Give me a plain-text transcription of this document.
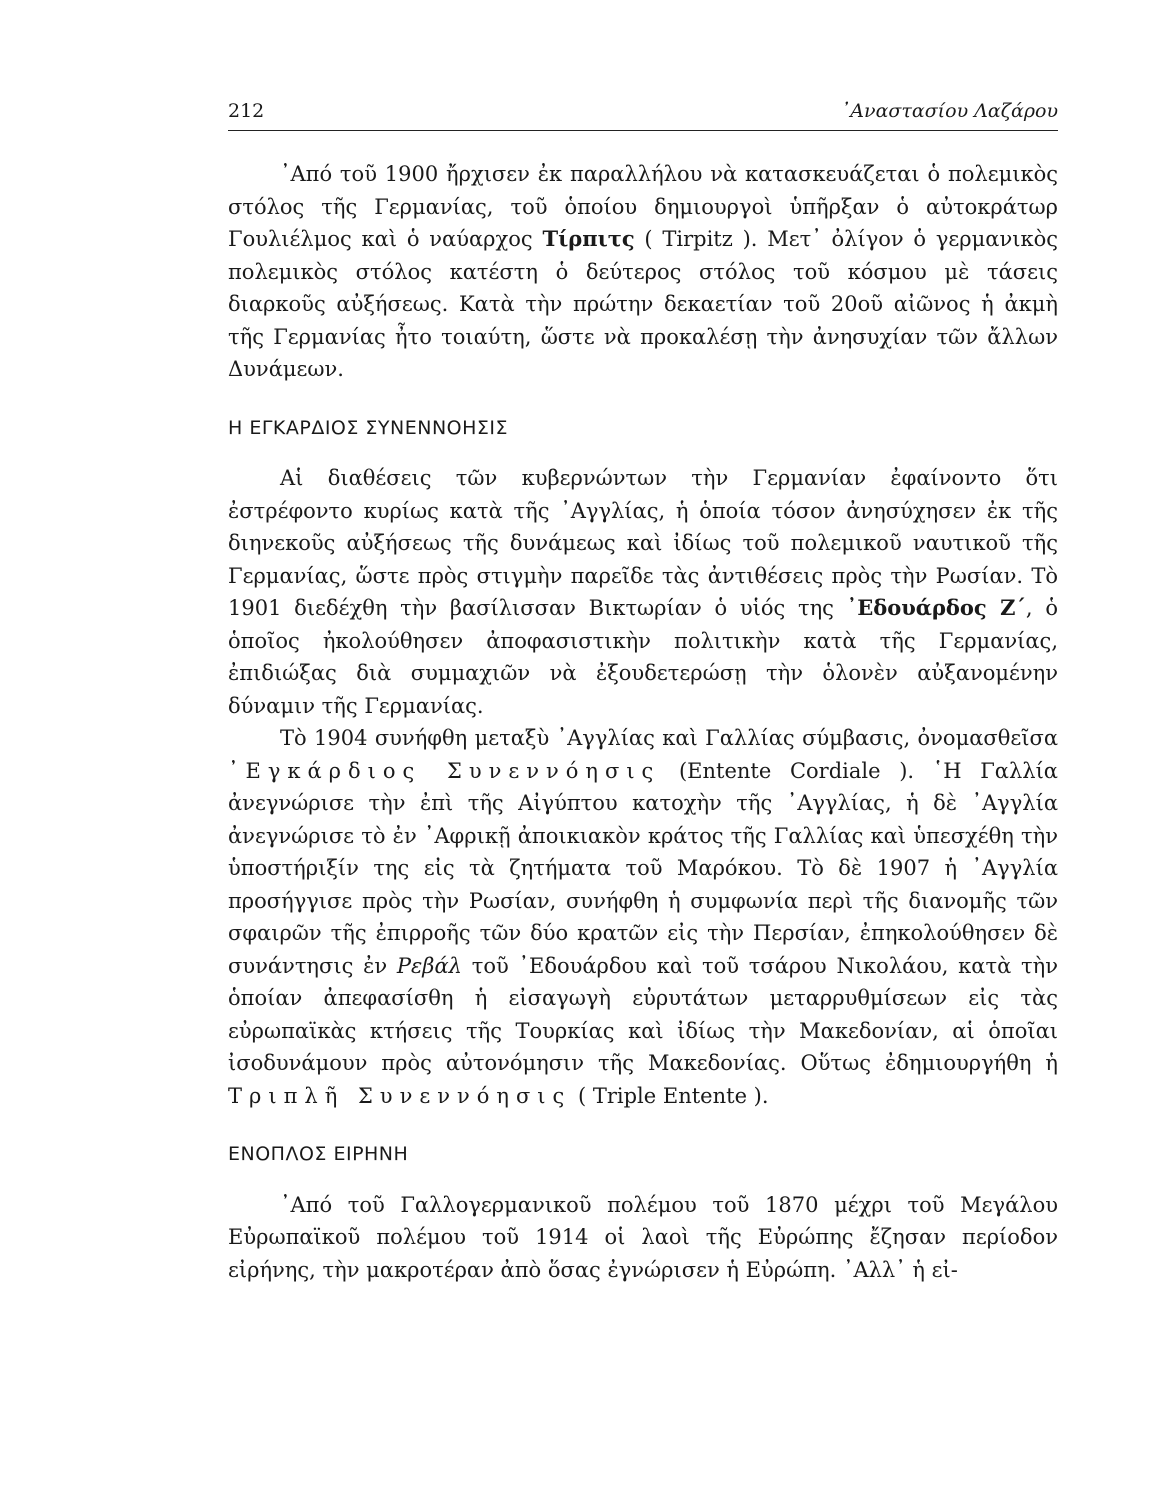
212	᾿Αναστασίου Λαζάρου

᾿Από τοῦ 1900 ἤρχισεν ἐκ παραλλήλου νὰ κατασκευάζεται ὁ πολεμικὸς στόλος τῆς Γερμανίας, τοῦ ὁποίου δημιουργοὶ ὑπῆρξαν ὁ αὐτοκράτωρ Γουλιέλμος καὶ ὁ ναύαρχος Τίρπιτς ( Tirpitz ). Μετ᾿ ὀλίγον ὁ γερμανικὸς πολεμικὸς στόλος κατέστη ὁ δεύτερος στόλος τοῦ κόσμου μὲ τάσεις διαρκοῦς αὐξήσεως. Κατὰ τὴν πρώτην δεκαετίαν τοῦ 20οῦ αἰῶνος ἡ ἀκμὴ τῆς Γερμανίας ἦτο τοιαύτη, ὥστε νὰ προκαλέσῃ τὴν ἀνησυχίαν τῶν ἄλλων Δυνάμεων.

Η ΕΓΚΑΡΔΙΟΣ ΣΥΝΕΝΝΟΗΣΙΣ

Αἱ διαθέσεις τῶν κυβερνώντων τὴν Γερμανίαν ἐφαίνοντο ὅτι ἐστρέφοντο κυρίως κατὰ τῆς ᾿Αγγλίας, ἡ ὁποία τόσον ἀνησύχησεν ἐκ τῆς διηνεκοῦς αὐξήσεως τῆς δυνάμεως καὶ ἰδίως τοῦ πολεμικοῦ ναυτικοῦ τῆς Γερμανίας, ὥστε πρὸς στιγμὴν παρεῖδε τὰς ἀντιθέσεις πρὸς τὴν Ρωσίαν. Τὸ 1901 διεδέχθη τὴν βασίλισσαν Βικτωρίαν ὁ υἱός της ᾿Εδουάρδος Ζ΄, ὁ ὁποῖος ἠκολούθησεν ἀποφασιστικὴν πολιτικὴν κατὰ τῆς Γερμανίας, ἐπιδιώξας διὰ συμμαχιῶν νὰ ἐξουδετερώσῃ τὴν ὁλονὲν αὐξανομένην δύναμιν τῆς Γερμανίας.

Τὸ 1904 συνήφθη μεταξὺ ᾿Αγγλίας καὶ Γαλλίας σύμβασις, ὀνομασθεῖσα ᾿Εγκάρδιος Συνεννόησις (Entente Cordiale ). ῾Η Γαλλία ἀνεγνώρισε τὴν ἐπὶ τῆς Αἰγύπτου κατοχὴν τῆς ᾿Αγγλίας, ἡ δὲ ᾿Αγγλία ἀνεγνώρισε τὸ ἐν ᾿Αφρικῇ ἀποικιακὸν κράτος τῆς Γαλλίας καὶ ὑπεσχέθη τὴν ὑποστήριξίν της εἰς τὰ ζητήματα τοῦ Μαρόκου. Τὸ δὲ 1907 ἡ ᾿Αγγλία προσήγγισε πρὸς τὴν Ρωσίαν, συνήφθη ἡ συμφωνία περὶ τῆς διανομῆς τῶν σφαιρῶν τῆς ἐπιρροῆς τῶν δύο κρατῶν εἰς τὴν Περσίαν, ἐπηκολούθησεν δὲ συνάντησις ἐν Ρεβάλ τοῦ ᾿Εδουάρδου καὶ τοῦ τσάρου Νικολάου, κατὰ τὴν ὁποίαν ἀπεφασίσθη ἡ εἰσαγωγὴ εὐρυτάτων μεταρρυθμίσεων εἰς τὰς εὐρωπαϊκὰς κτήσεις τῆς Τουρκίας καὶ ἰδίως τὴν Μακεδονίαν, αἱ ὁποῖαι ἰσοδυνάμουν πρὸς αὐτονόμησιν τῆς Μακεδονίας. Οὕτως ἐδημιουργήθη ἡ Τριπλῆ Συνεννόησις ( Triple Entente ).

ΕΝΟΠΛΟΣ ΕΙΡΗΝΗ

᾿Από τοῦ Γαλλογερμανικοῦ πολέμου τοῦ 1870 μέχρι τοῦ Μεγάλου Εὐρωπαϊκοῦ πολέμου τοῦ 1914 οἱ λαοὶ τῆς Εὐρώπης ἔζησαν περίοδον εἰρήνης, τὴν μακροτέραν ἀπὸ ὅσας ἐγνώρισεν ἡ Εὐρώπη. ᾿Αλλ᾿ ἡ εἰ-
